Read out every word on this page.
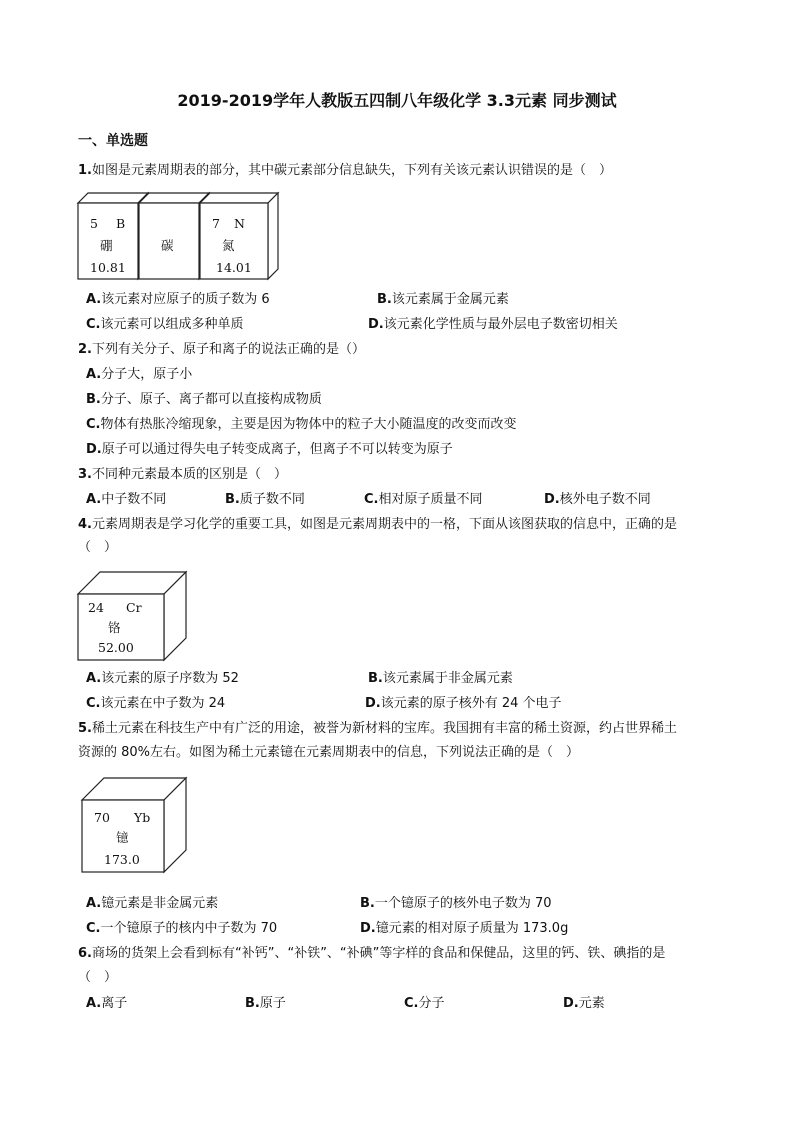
2019-2019学年人教版五四制八年级化学 3.3元素 同步测试
一、单选题
1.如图是元素周期表的部分，其中碳元素部分信息缺失，下列有关该元素认识错误的是（　）
5 B
硼
10.81
碳
7 N
氮
14.01
A.该元素对应原子的质子数为 6	B.该元素属于金属元素
C.该元素可以组成多种单质	D.该元素化学性质与最外层电子数密切相关
2.下列有关分子、原子和离子的说法正确的是（）
A.分子大，原子小
B.分子、原子、离子都可以直接构成物质
C.物体有热胀冷缩现象，主要是因为物体中的粒子大小随温度的改变而改变
D.原子可以通过得失电子转变成离子，但离子不可以转变为原子
3.不同种元素最本质的区别是（　）
A.中子数不同	B.质子数不同	C.相对原子质量不同	D.核外电子数不同
4.元素周期表是学习化学的重要工具，如图是元素周期表中的一格，下面从该图获取的信息中，正确的是
（　）
24 Cr
铬
52.00
A.该元素的原子序数为 52	B.该元素属于非金属元素
C.该元素在中子数为 24	D.该元素的原子核外有 24 个电子
5.稀土元素在科技生产中有广泛的用途，被誉为新材料的宝库。我国拥有丰富的稀土资源，约占世界稀土
资源的 80%左右。如图为稀土元素镱在元素周期表中的信息，下列说法正确的是（　）
70 Yb
镱
173.0
A.镱元素是非金属元素	B.一个镱原子的核外电子数为 70
C.一个镱原子的核内中子数为 70	D.镱元素的相对原子质量为 173.0g
6.商场的货架上会看到标有“补钙”、“补铁”、“补碘”等字样的食品和保健品，这里的钙、铁、碘指的是
（　）
A.离子	B.原子	C.分子	D.元素
